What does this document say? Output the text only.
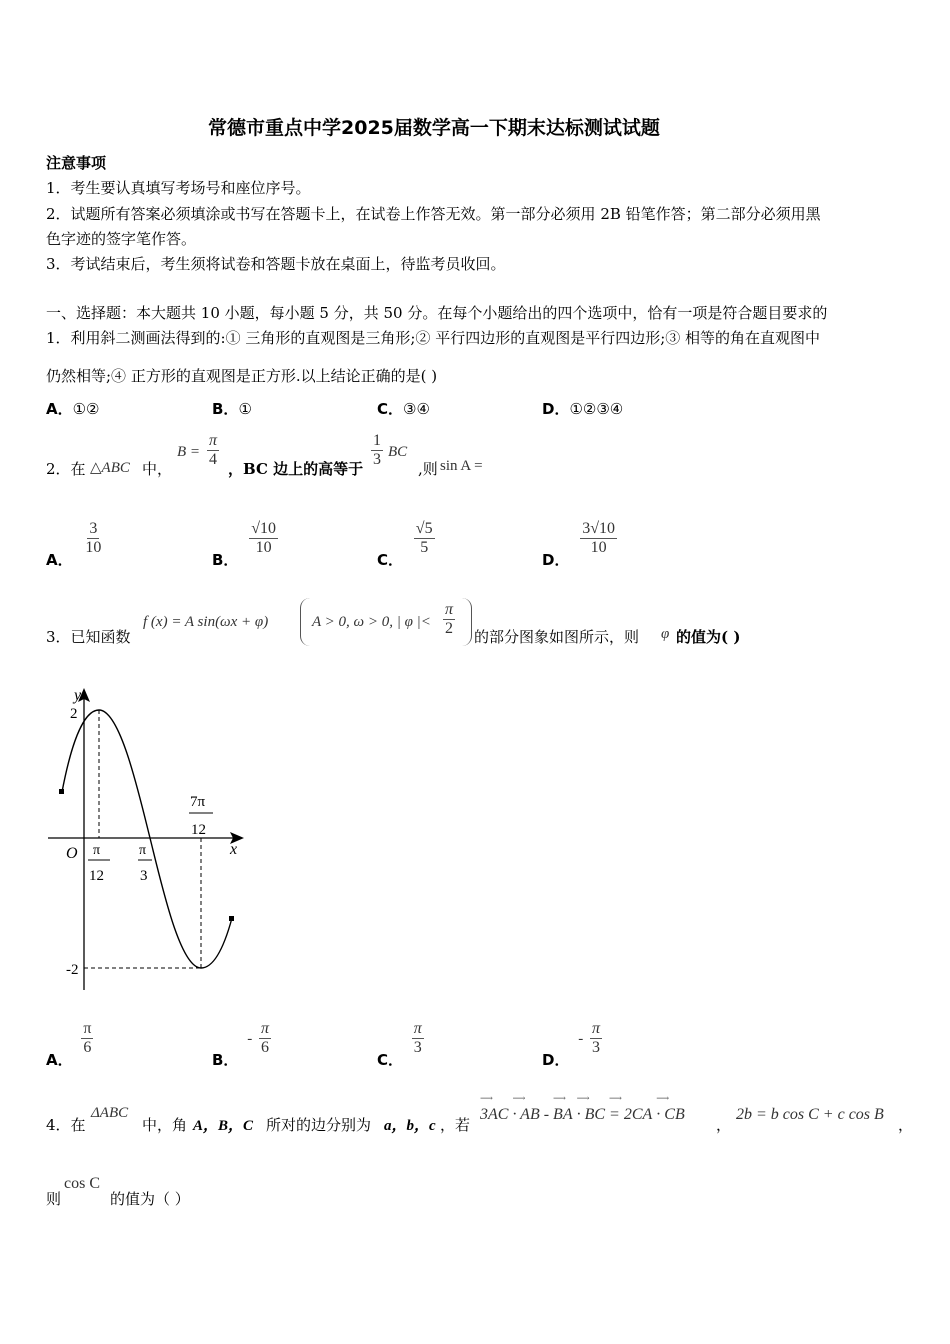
常德市重点中学2025届数学高一下期末达标测试试题
注意事项
1．考生要认真填写考场号和座位序号。
2．试题所有答案必须填涂或书写在答题卡上，在试卷上作答无效。第一部分必须用 2B 铅笔作答；第二部分必须用黑
色字迹的签字笔作答。
3．考试结束后，考生须将试卷和答题卡放在桌面上，待监考员收回。
一、选择题：本大题共 10 小题，每小题 5 分，共 50 分。在每个小题给出的四个选项中，恰有一项是符合题目要求的
1．利用斜二测画法得到的:① 三角形的直观图是三角形;② 平行四边形的直观图是平行四边形;③ 相等的角在直观图中
仍然相等;④ 正方形的直观图是正方形.以上结论正确的是( )
A．①②	B．①	C．③④	D．①②③④
2．在 △ABC 中，
$B = \frac{\pi}{4}$ ，BC 边上的高等于 $\frac{1}{3}$ BC
,则 sin A =
A．
$\frac{3}{10}$
B．
$\frac{√10}{10}$
C．
$\frac{√5}{5}$
D．
$\frac{3√10}{10}$
3．已知函数
f (x) = A sin(ωx + φ)	A > 0, ω > 0, | φ |< $\frac{\pi}{2}$ 的部分图象如图所示，则 φ 的值为( )
y
x
O
2
-2
π
12
π
3
7π
12
A．
$\frac{\pi}{6}$
B． - $\frac{\pi}{6}$
C．
$\frac{\pi}{3}$
D． - $\frac{\pi}{3}$
4．在
ΔABC
中，角 A，B，C 所对的边分别为 a，b，c ，若
⟶ 3AC ⟶ · AB - ⟶ BA ⟶ · BC ⟶ = 2CA ⟶ · CB
，
2b = b cos C + c cos B
，
则
cos C
的值为（ ）
